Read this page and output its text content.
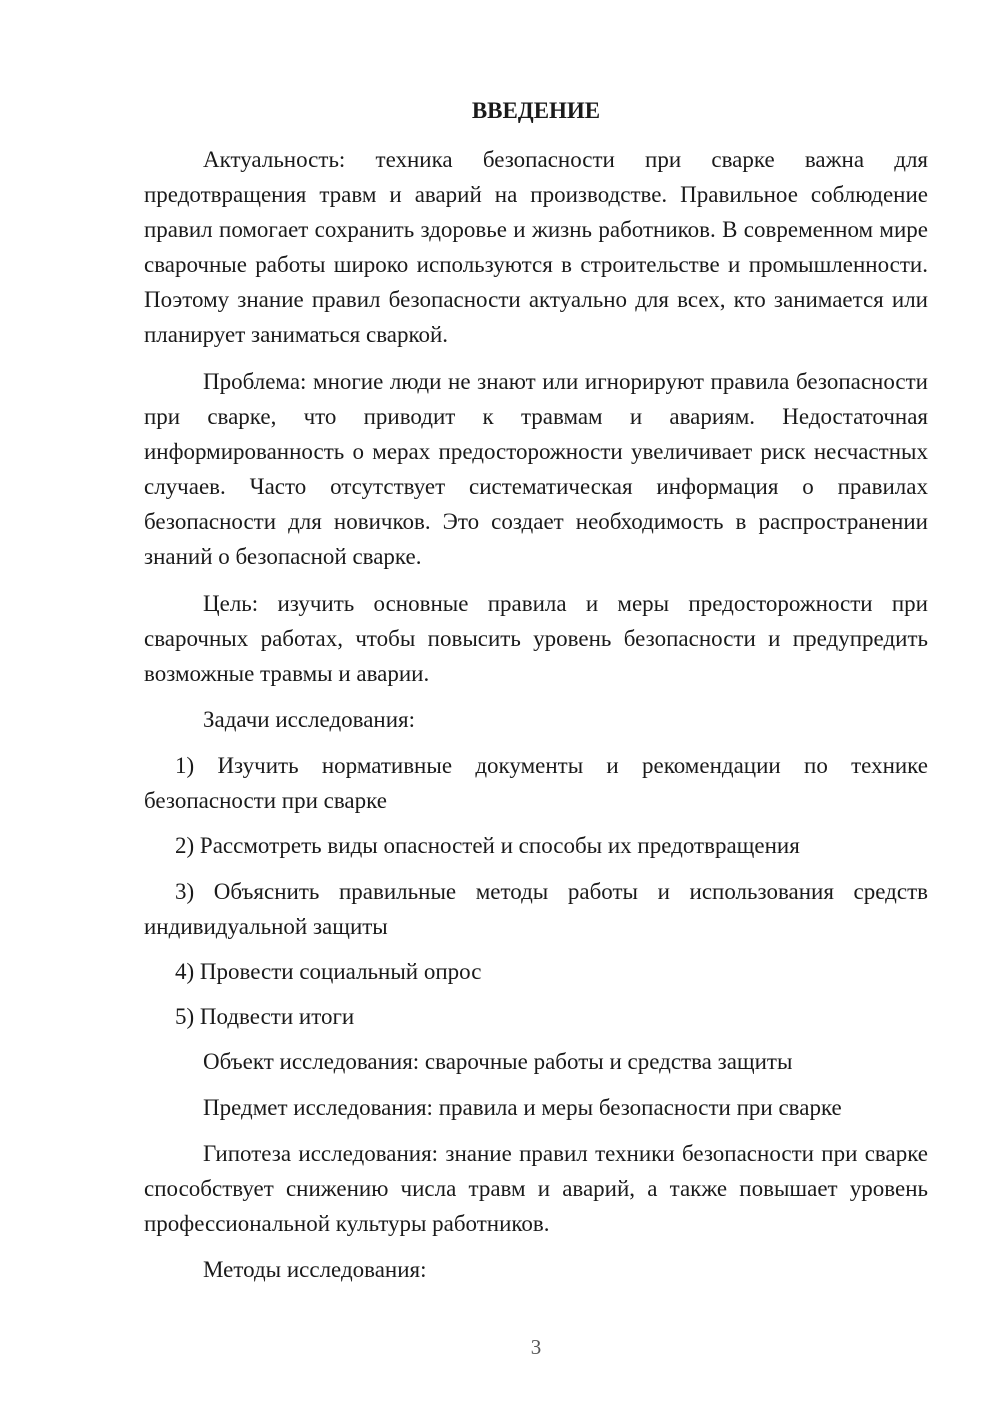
ВВЕДЕНИЕ

Актуальность: техника безопасности при сварке важна для предотвращения травм и аварий на производстве. Правильное соблюдение правил помогает сохранить здоровье и жизнь работников. В современном мире сварочные работы широко используются в строительстве и промышленности. Поэтому знание правил безопасности актуально для всех, кто занимается или планирует заниматься сваркой.

Проблема: многие люди не знают или игнорируют правила безопасности при сварке, что приводит к травмам и авариям. Недостаточная информированность о мерах предосторожности увеличивает риск несчастных случаев. Часто отсутствует систематическая информация о правилах безопасности для новичков. Это создает необходимость в распространении знаний о безопасной сварке.

Цель: изучить основные правила и меры предосторожности при сварочных работах, чтобы повысить уровень безопасности и предупредить возможные травмы и аварии.

Задачи исследования:

1) Изучить нормативные документы и рекомендации по технике безопасности при сварке

2) Рассмотреть виды опасностей и способы их предотвращения

3) Объяснить правильные методы работы и использования средств индивидуальной защиты

4) Провести социальный опрос

5) Подвести итоги

Объект исследования: сварочные работы и средства защиты

Предмет исследования: правила и меры безопасности при сварке

Гипотеза исследования: знание правил техники безопасности при сварке способствует снижению числа травм и аварий, а также повышает уровень профессиональной культуры работников.

Методы исследования:

3
